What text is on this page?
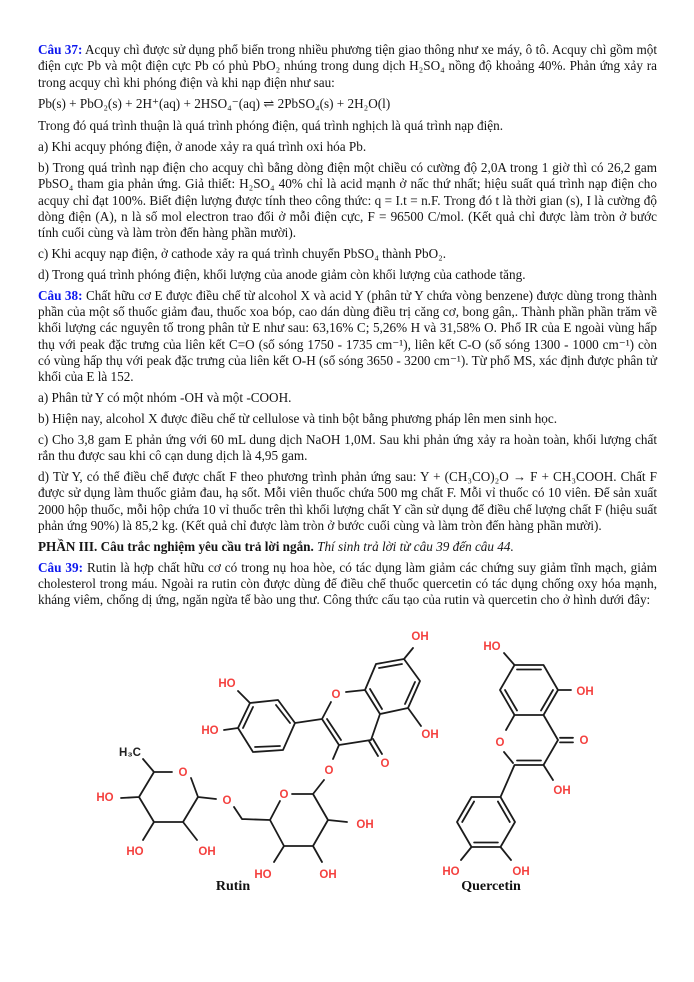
Câu 37: Acquy chì được sử dụng phổ biến trong nhiều phương tiện giao thông như xe máy, ô tô. Acquy chì gồm một điện cực Pb và một điện cực Pb có phủ PbO₂ nhúng trong dung dịch H₂SO₄ nồng độ khoảng 40%. Phản ứng xảy ra trong acquy chì khi phóng điện và khi nạp điện như sau:

Pb(s) + PbO₂(s) + 2H⁺(aq) + 2HSO₄⁻(aq) ⇌ 2PbSO₄(s) + 2H₂O(l)

Trong đó quá trình thuận là quá trình phóng điện, quá trình nghịch là quá trình nạp điện.

a) Khi acquy phóng điện, ở anode xảy ra quá trình oxi hóa Pb.

b) Trong quá trình nạp điện cho acquy chì bằng dòng điện một chiều có cường độ 2,0A trong 1 giờ thì có 26,2 gam PbSO₄ tham gia phản ứng. Giả thiết: H₂SO₄ 40% chỉ là acid mạnh ở nấc thứ nhất; hiệu suất quá trình nạp điện cho acquy chỉ đạt 100%. Biết điện lượng được tính theo công thức: q = I.t = n.F. Trong đó t là thời gian (s), I là cường độ dòng điện (A), n là số mol electron trao đổi ở mỗi điện cực, F = 96500 C/mol. (Kết quả chỉ được làm tròn ở bước tính cuối cùng và làm tròn đến hàng phần mười).

c) Khi acquy nạp điện, ở cathode xảy ra quá trình chuyển PbSO₄ thành PbO₂.

d) Trong quá trình phóng điện, khối lượng của anode giảm còn khối lượng của cathode tăng.

Câu 38: Chất hữu cơ E được điều chế từ alcohol X và acid Y (phân tử Y chứa vòng benzene) được dùng trong thành phần của một số thuốc giảm đau, thuốc xoa bóp, cao dán dùng điều trị căng cơ, bong gân,. Thành phần phần trăm về khối lượng các nguyên tố trong phân tử E như sau: 63,16% C; 5,26% H và 31,58% O. Phổ IR của E ngoài vùng hấp thụ với peak đặc trưng của liên kết C=O (số sóng 1750 - 1735 cm⁻¹), liên kết C-O (số sóng 1300 - 1000 cm⁻¹) còn có vùng hấp thụ với peak đặc trưng của liên kết O-H (số sóng 3650 - 3200 cm⁻¹). Từ phổ MS, xác định được phân tử khối của E là 152.

a) Phân tử Y có một nhóm -OH và một -COOH.

b) Hiện nay, alcohol X được điều chế từ cellulose và tinh bột bằng phương pháp lên men sinh học.

c) Cho 3,8 gam E phản ứng với 60 mL dung dịch NaOH 1,0M. Sau khi phản ứng xảy ra hoàn toàn, khối lượng chất rắn thu được sau khi cô cạn dung dịch là 4,95 gam.

d) Từ Y, có thể điều chế được chất F theo phương trình phản ứng sau: Y + (CH₃CO)₂O → F + CH₃COOH. Chất F được sử dụng làm thuốc giảm đau, hạ sốt. Mỗi viên thuốc chứa 500 mg chất F. Mỗi vỉ thuốc có 10 viên. Để sản xuất 2000 hộp thuốc, mỗi hộp chứa 10 vỉ thuốc trên thì khối lượng chất Y cần sử dụng để điều chế lượng chất F (hiệu suất phản ứng 90%) là 85,2 kg. (Kết quả chỉ được làm tròn ở bước cuối cùng và làm tròn đến hàng phần mười).

PHẦN III. Câu trắc nghiệm yêu cầu trả lời ngắn. Thí sinh trả lời từ câu 39 đến câu 44.

Câu 39: Rutin là hợp chất hữu cơ có trong nụ hoa hòe, có tác dụng làm giảm các chứng suy giảm tĩnh mạch, giảm cholesterol trong máu. Ngoài ra rutin còn được dùng để điều chế thuốc quercetin có tác dụng chống oxy hóa mạnh, kháng viêm, chống dị ứng, ngăn ngừa tế bào ung thư. Công thức cấu tạo của rutin và quercetin cho ở hình dưới đây:

OH
HO
O
OH
HO
O
O
H₃C
O
HO	O	O
HO	OH
OH
HO	OH
Rutin
HO
OH
O	O
OH
HO	OH
Quercetin
